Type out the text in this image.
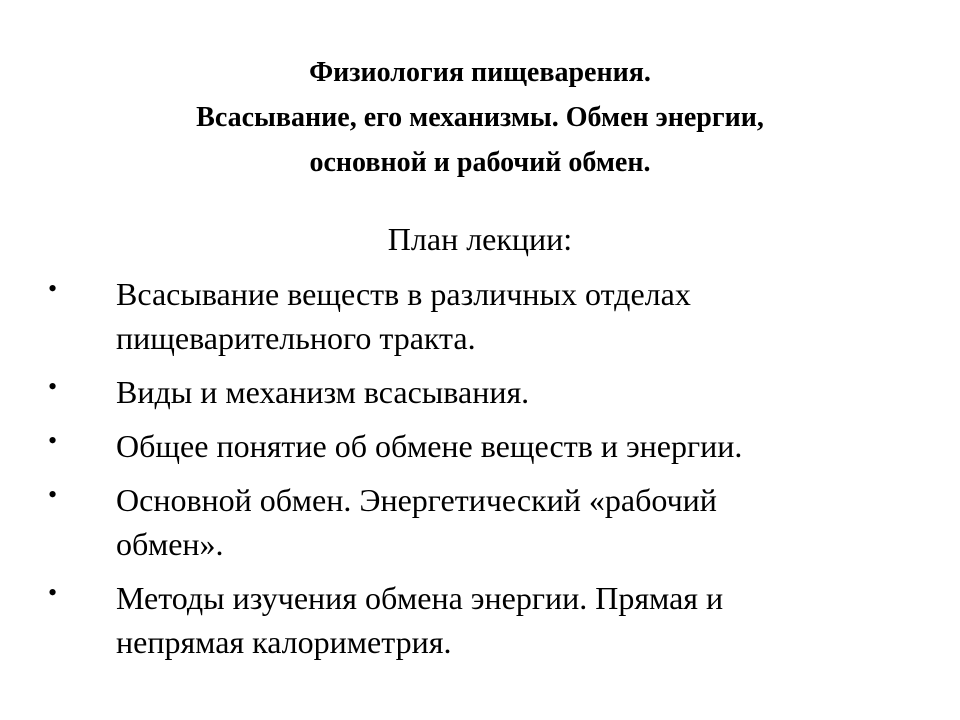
Физиология пищеварения.
Всасывание, его механизмы. Обмен энергии,
основной и рабочий обмен.
План лекции:
• Всасывание веществ в различных отделах
пищеварительного тракта.
• Виды и механизм всасывания.
• Общее понятие об обмене веществ и энергии.
• Основной обмен. Энергетический «рабочий
обмен».
• Методы изучения обмена энергии. Прямая и
непрямая калориметрия.
